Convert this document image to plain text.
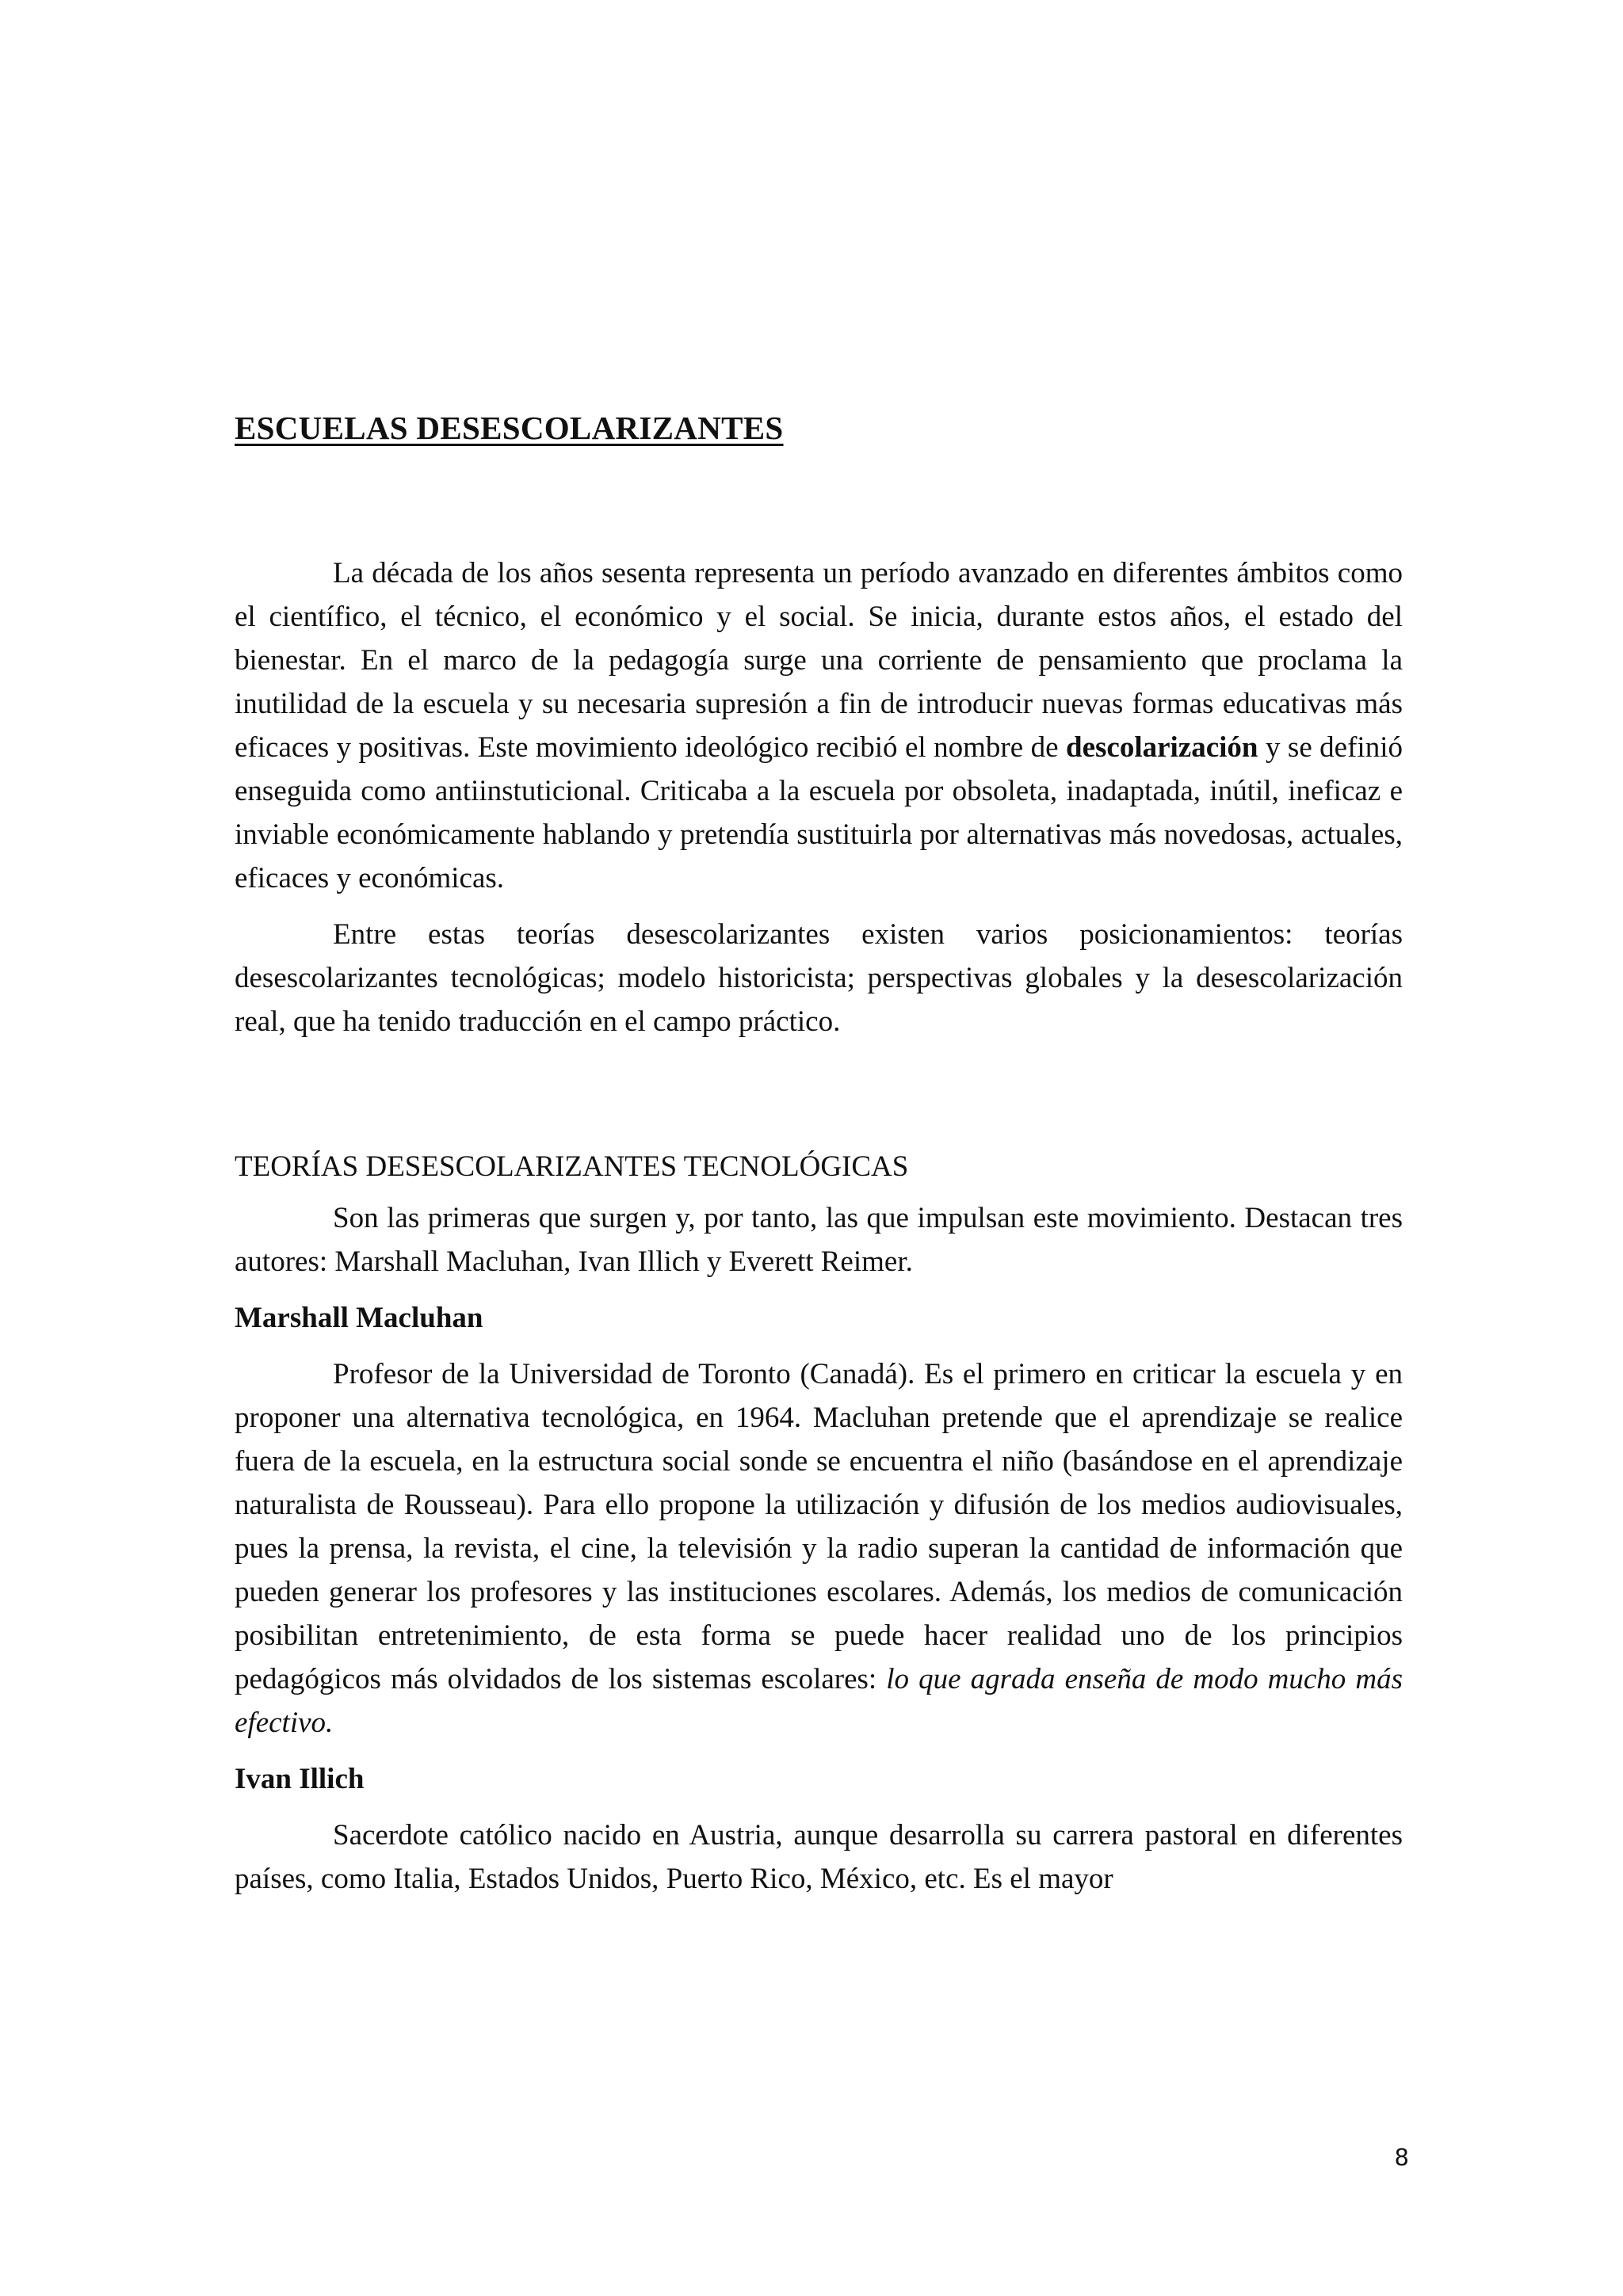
ESCUELAS DESESCOLARIZANTES

La década de los años sesenta representa un período avanzado en diferentes ámbitos como el científico, el técnico, el económico y el social. Se inicia, durante estos años, el estado del bienestar. En el marco de la pedagogía surge una corriente de pensamiento que proclama la inutilidad de la escuela y su necesaria supresión a fin de introducir nuevas formas educativas más eficaces y positivas. Este movimiento ideológico recibió el nombre de descolarización y se definió enseguida como antiinstuticional. Criticaba a la escuela por obsoleta, inadaptada, inútil, ineficaz e inviable económicamente hablando y pretendía sustituirla por alternativas más novedosas, actuales, eficaces y económicas.

Entre estas teorías desescolarizantes existen varios posicionamientos: teorías desescolarizantes tecnológicas; modelo historicista; perspectivas globales y la desescolarización real, que ha tenido traducción en el campo práctico.

TEORÍAS DESESCOLARIZANTES TECNOLÓGICAS

Son las primeras que surgen y, por tanto, las que impulsan este movimiento. Destacan tres autores: Marshall Macluhan, Ivan Illich y Everett Reimer.

Marshall Macluhan

Profesor de la Universidad de Toronto (Canadá). Es el primero en criticar la escuela y en proponer una alternativa tecnológica, en 1964. Macluhan pretende que el aprendizaje se realice fuera de la escuela, en la estructura social sonde se encuentra el niño (basándose en el aprendizaje naturalista de Rousseau). Para ello propone la utilización y difusión de los medios audiovisuales, pues la prensa, la revista, el cine, la televisión y la radio superan la cantidad de información que pueden generar los profesores y las instituciones escolares. Además, los medios de comunicación posibilitan entretenimiento, de esta forma se puede hacer realidad uno de los principios pedagógicos más olvidados de los sistemas escolares: lo que agrada enseña de modo mucho más efectivo.

Ivan Illich

Sacerdote católico nacido en Austria, aunque desarrolla su carrera pastoral en diferentes países, como Italia, Estados Unidos, Puerto Rico, México, etc. Es el mayor

8
